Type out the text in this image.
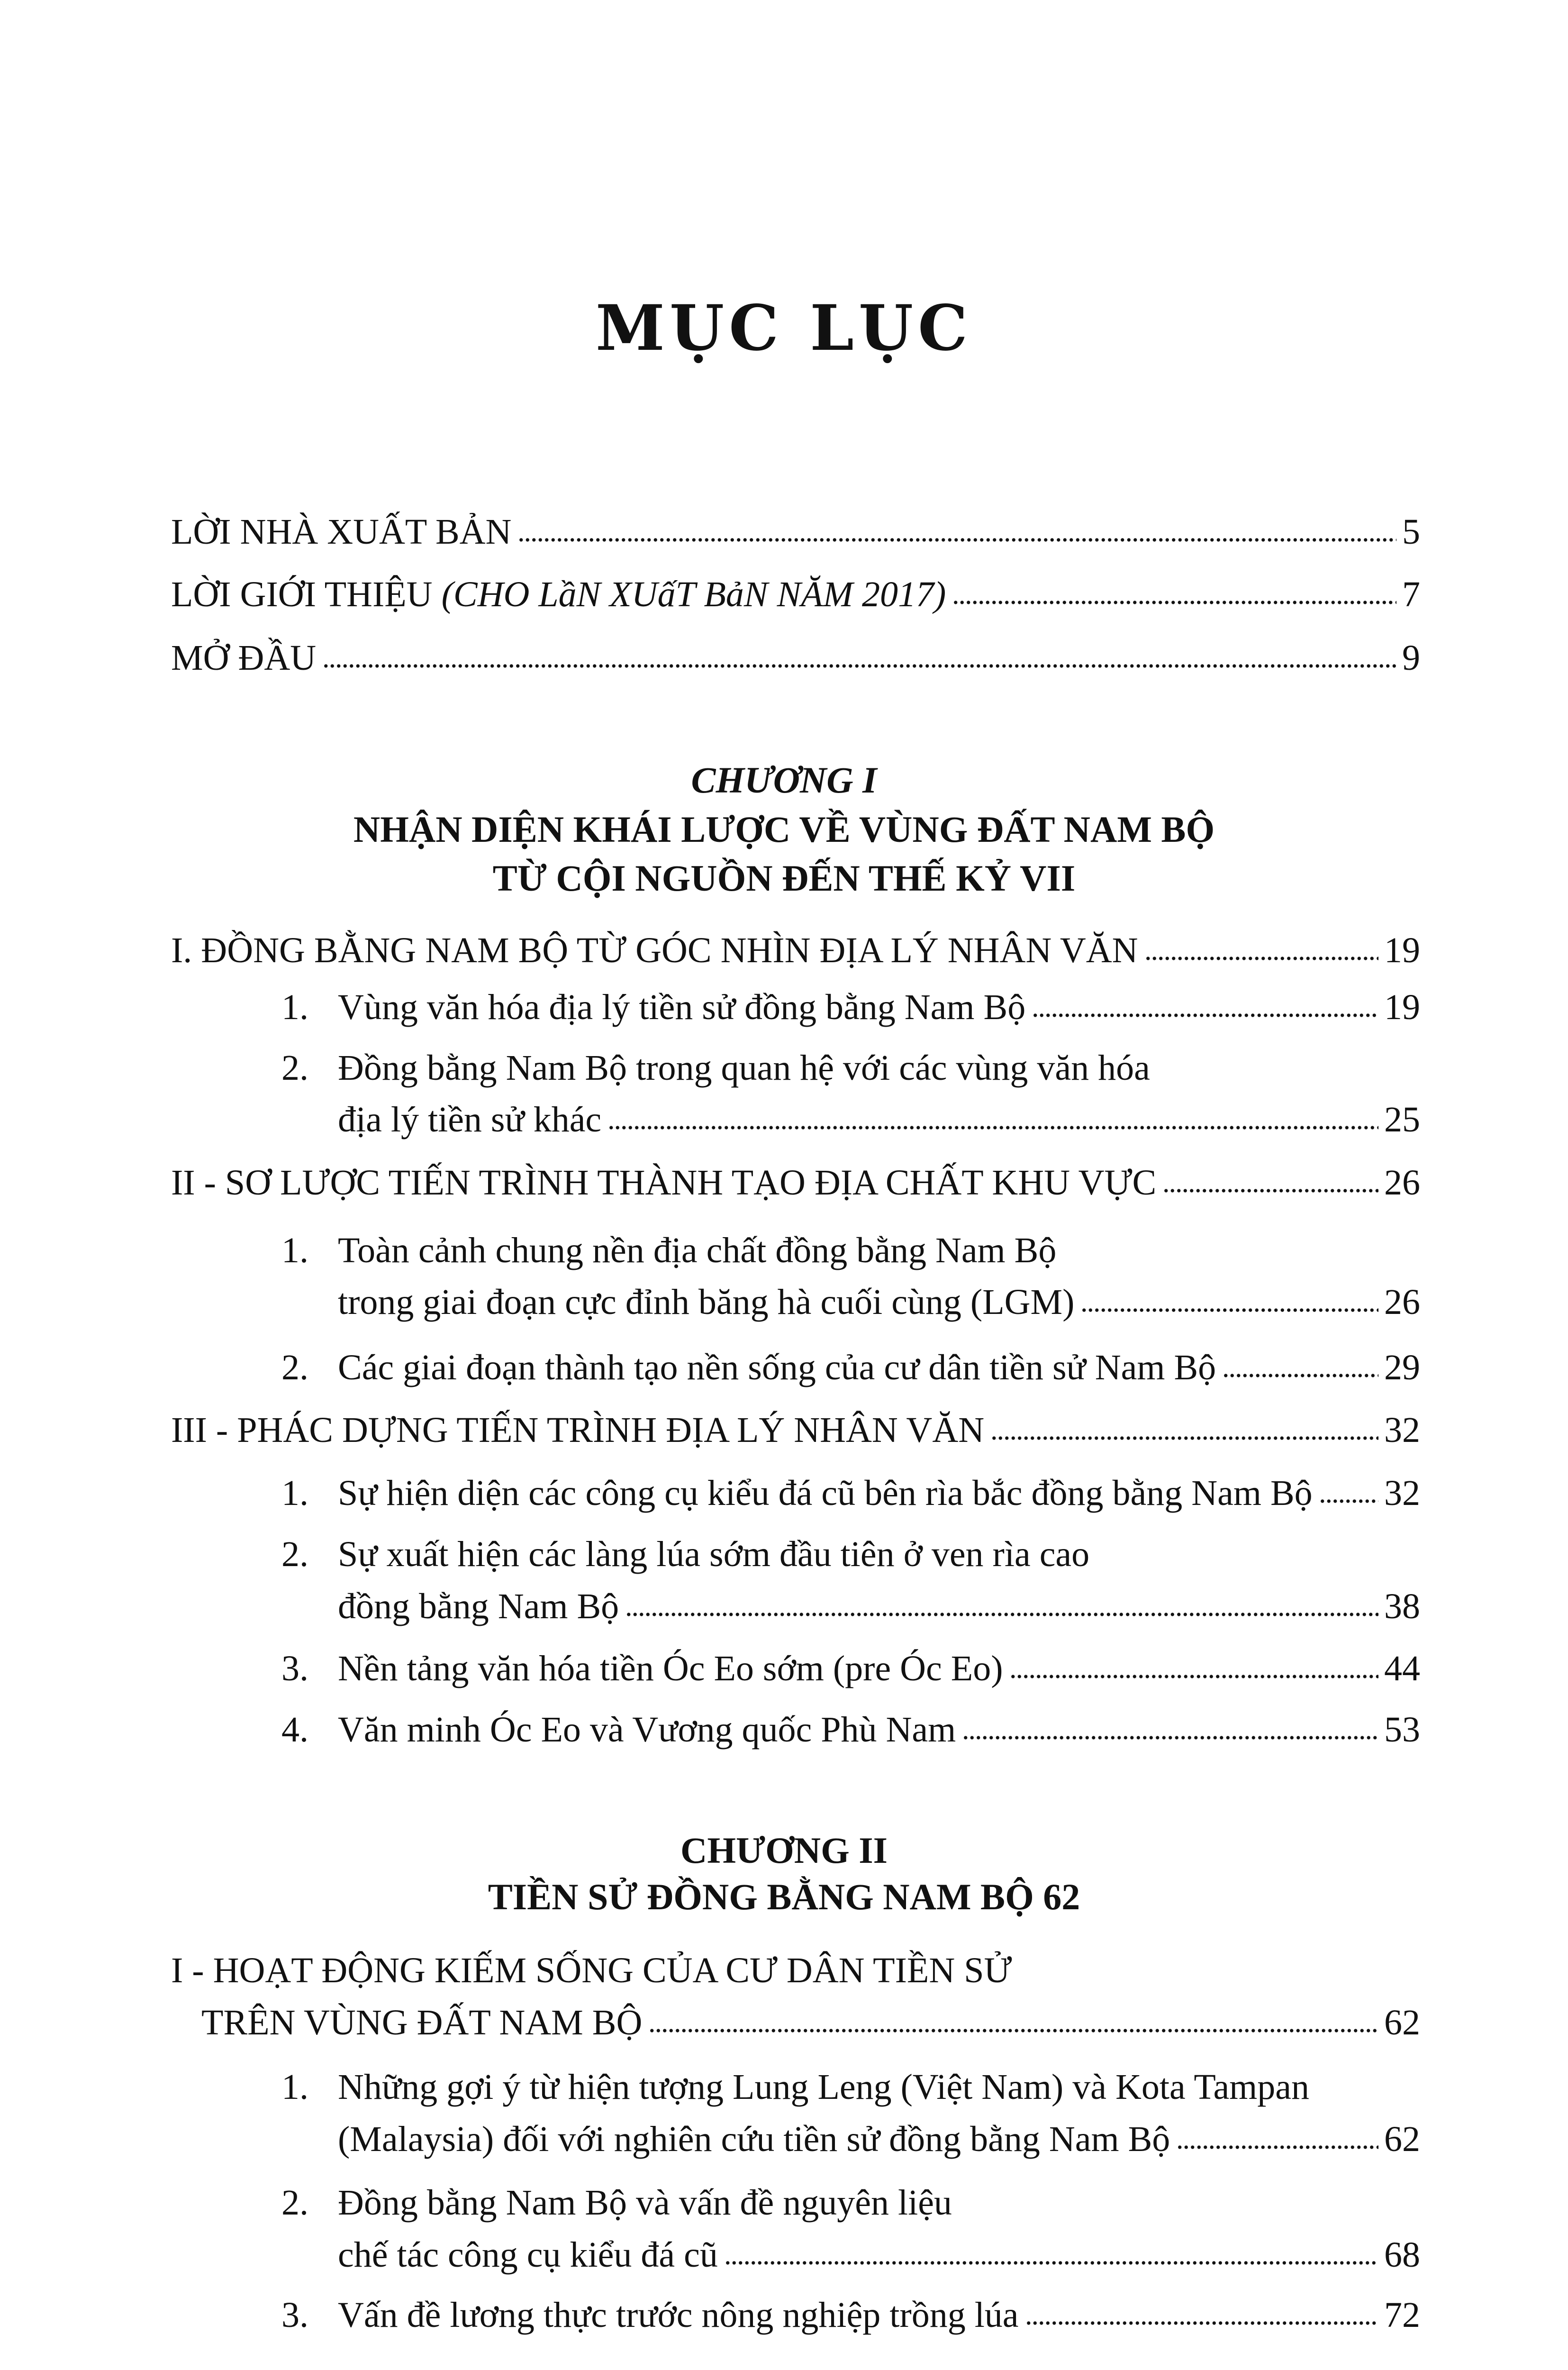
MỤC LỤC
LỜI NHÀ XUẤT BẢN	5
LỜI GIỚI THIỆU (CHO LầN XUấT BảN NĂM 2017)	7
MỞ ĐẦU	9
CHƯƠNG I
NHẬN DIỆN KHÁI LƯỢC VỀ VÙNG ĐẤT NAM BỘ
TỪ CỘI NGUỒN ĐẾN THẾ KỶ VII
I. ĐỒNG BẰNG NAM BỘ TỪ GÓC NHÌN ĐỊA LÝ NHÂN VĂN	19
1. Vùng văn hóa địa lý tiền sử đồng bằng Nam Bộ	19
2. Đồng bằng Nam Bộ trong quan hệ với các vùng văn hóa
địa lý tiền sử khác	25
II - SƠ LƯỢC TIẾN TRÌNH THÀNH TẠO ĐỊA CHẤT KHU VỰC	26
1. Toàn cảnh chung nền địa chất đồng bằng Nam Bộ
trong giai đoạn cực đỉnh băng hà cuối cùng (LGM)	26
2. Các giai đoạn thành tạo nền sống của cư dân tiền sử Nam Bộ	29
III - PHÁC DỰNG TIẾN TRÌNH ĐỊA LÝ NHÂN VĂN	32
1. Sự hiện diện các công cụ kiểu đá cũ bên rìa bắc đồng bằng Nam Bộ 32
2. Sự xuất hiện các làng lúa sớm đầu tiên ở ven rìa cao
đồng bằng Nam Bộ	38
3. Nền tảng văn hóa tiền Óc Eo sớm (pre Óc Eo)	44
4. Văn minh Óc Eo và Vương quốc Phù Nam	53
CHƯƠNG II
TIỀN SỬ ĐỒNG BẰNG NAM BỘ 62
I - HOẠT ĐỘNG KIẾM SỐNG CỦA CƯ DÂN TIỀN SỬ
TRÊN VÙNG ĐẤT NAM BỘ	62
1. Những gợi ý từ hiện tượng Lung Leng (Việt Nam) và Kota Tampan
(Malaysia) đối với nghiên cứu tiền sử đồng bằng Nam Bộ	62
2. Đồng bằng Nam Bộ và vấn đề nguyên liệu
chế tác công cụ kiểu đá cũ	68
3. Vấn đề lương thực trước nông nghiệp trồng lúa	72
